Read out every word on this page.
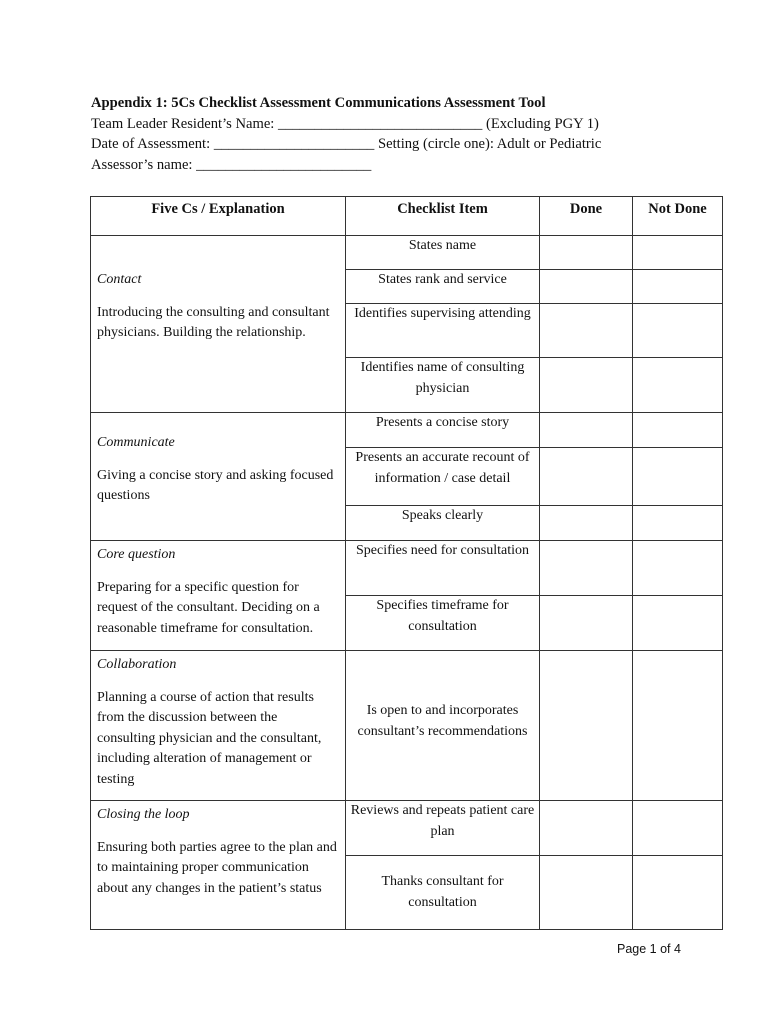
Appendix 1: 5Cs Checklist Assessment Communications Assessment Tool
Team Leader Resident’s Name: ____________________________ (Excluding PGY 1)
Date of Assessment: ______________________ Setting (circle one): Adult or Pediatric
Assessor’s name: ________________________
Five Cs / Explanation	Checklist Item	Done	Not Done

Contact
Introducing the consulting and consultant physicians. Building the relationship.	States name		
	States rank and service		
	Identifies supervising attending		
	Identifies name of consulting physician		

Communicate
Giving a concise story and asking focused questions	Presents a concise story		
	Presents an accurate recount of information / case detail		
	Speaks clearly		

Core question
Preparing for a specific question for request of the consultant. Deciding on a reasonable timeframe for consultation.	Specifies need for consultation		
	Specifies timeframe for consultation		

Collaboration
Planning a course of action that results from the discussion between the consulting physician and the consultant, including alteration of management or testing	Is open to and incorporates consultant’s recommendations		

Closing the loop
Ensuring both parties agree to the plan and to maintaining proper communication about any changes in the patient’s status	Reviews and repeats patient care plan		
	Thanks consultant for consultation		
Page 1 of 4
